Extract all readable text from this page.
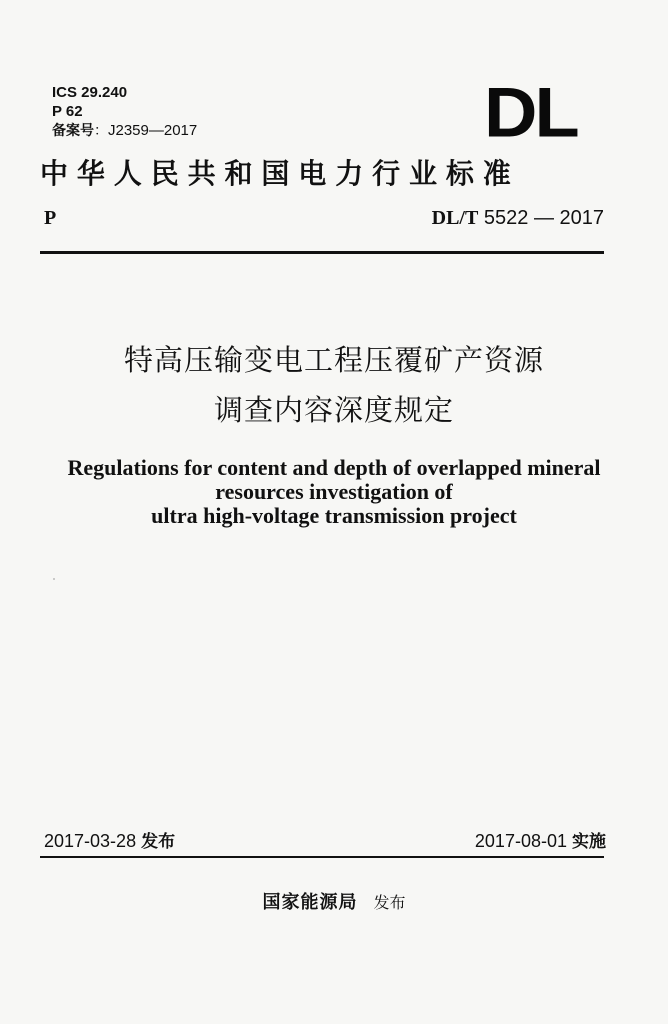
ICS 29.240
P 62
备案号：J2359—2017	DL
中华人民共和国电力行业标准
P	DL/T 5522 — 2017
特高压输变电工程压覆矿产资源
调查内容深度规定
Regulations for content and depth of overlapped mineral
resources investigation of
ultra high-voltage transmission project
2017-03-28 发布	2017-08-01 实施
国家能源局 发布
